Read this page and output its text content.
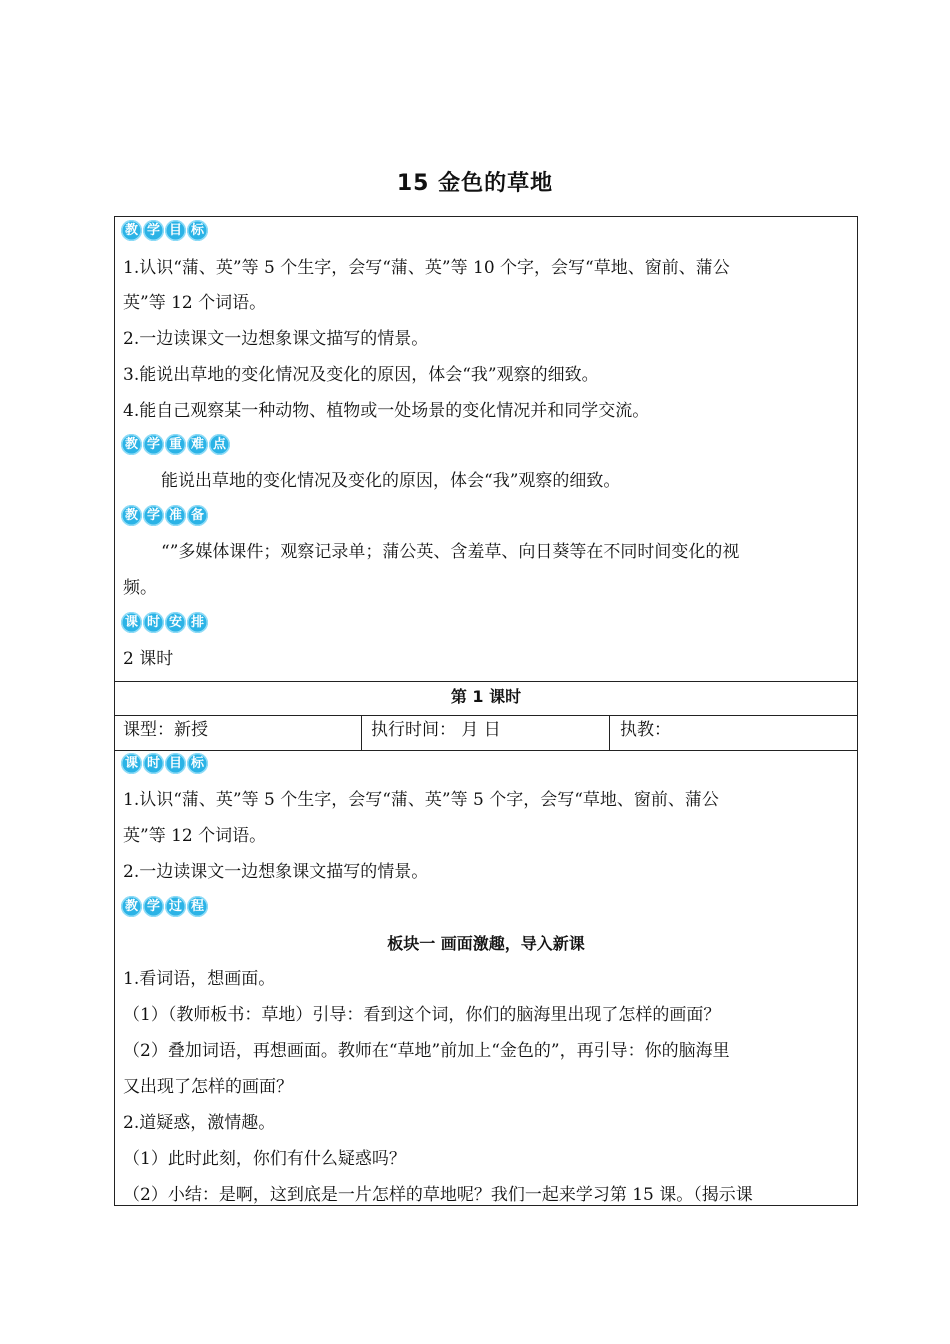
15 金色的草地
教 学 目 标
1.认识“蒲、英”等 5 个生字，会写“蒲、英”等 10 个字，会写“草地、窗前、蒲公
英”等 12 个词语。
2.一边读课文一边想象课文描写的情景。
3.能说出草地的变化情况及变化的原因，体会“我”观察的细致。
4.能自己观察某一种动物、植物或一处场景的变化情况并和同学交流。
教 学 重 难 点
能说出草地的变化情况及变化的原因，体会“我”观察的细致。
教 学 准 备
“”多媒体课件；观察记录单；蒲公英、含羞草、向日葵等在不同时间变化的视
频。
课 时 安 排
2 课时
第 1 课时
课型：新授	执行时间： 月 日	执教：
课 时 目 标
1.认识“蒲、英”等 5 个生字，会写“蒲、英”等 5 个字，会写“草地、窗前、蒲公
英”等 12 个词语。
2.一边读课文一边想象课文描写的情景。
教 学 过 程
板块一 画面激趣，导入新课
1.看词语，想画面。
（1）（教师板书：草地）引导：看到这个词，你们的脑海里出现了怎样的画面？
（2）叠加词语，再想画面。教师在“草地”前加上“金色的”，再引导：你的脑海里
又出现了怎样的画面？
2.道疑惑，激情趣。
（1）此时此刻，你们有什么疑惑吗？
（2）小结：是啊，这到底是一片怎样的草地呢？我们一起来学习第 15 课。（揭示课
